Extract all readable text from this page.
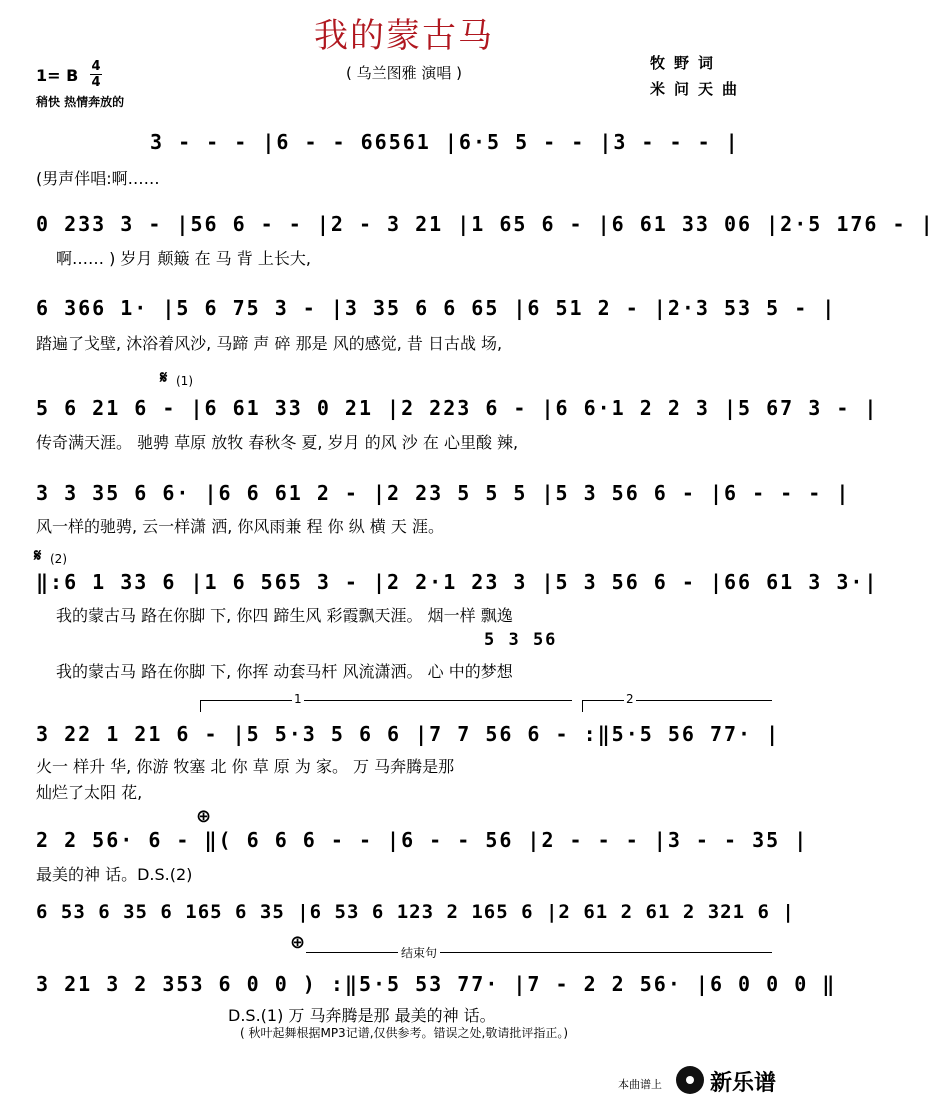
我的蒙古马
( 乌兰图雅 演唱 )
1= B 4
4
稍快 热情奔放的
牧野词
米问天曲
3 - - - |6 - - 66561 |6·5 5 - - |3 - - - |
(男声伴唱:啊……
0 233 3 - |56 6 - - |2 - 3 21 |1 65 6 - |6 61 33 06 |2·5 176 - |
啊…… ) 岁月 颠簸 在 马 背 上长大,
6 366 1· |5 6 75 3 - |3 35 6 6 65 |6 51 2 - |2·3 53 5 - |
踏遍了戈壁, 沐浴着风沙, 马蹄 声 碎 那是 风的感觉, 昔 日古战 场,
𝄋 (1)
5 6 21 6 - |6 61 33 0 21 |2 223 6 - |6 6·1 2 2 3 |5 67 3 - |
传奇满天涯。 驰骋 草原 放牧 春秋冬 夏, 岁月 的风 沙 在 心里酸 辣,
3 3 35 6 6· |6 6 61 2 - |2 23 5 5 5 |5 3 56 6 - |6 - - - |
风一样的驰骋, 云一样潇 洒, 你风雨兼 程 你 纵 横 天 涯。
𝄋 (2)
‖:6 1 33 6 |1 6 565 3 - |2 2·1 23 3 |5 3 56 6 - |66 61 3 3·|
我的蒙古马 路在你脚 下, 你四 蹄生风 彩霞飘天涯。 烟一样 飘逸
5 3 56
我的蒙古马 路在你脚 下, 你挥 动套马杆 风流潇洒。 心 中的梦想
1	2
3 22 1 21 6 - |5 5·3 5 6 6 |7 7 56 6 - :‖5·5 56 77· |
火一 样升 华, 你游 牧塞 北 你 草 原 为 家。 万 马奔腾是那
灿烂了太阳 花,
⊕
2 2 56· 6 - ‖( 6 6 6 - - |6 - - 56 |2 - - - |3 - - 35 |
最美的神 话。D.S.(2)
6 53 6 35 6 165 6 35 |6 53 6 123 2 165 6 |2 61 2 61 2 321 6 |
⊕	结束句
3 21 3 2 353 6 0 0 ) :‖5·5 53 77· |7 - 2 2 56· |6 0 0 0 ‖
D.S.(1) 万 马奔腾是那 最美的神 话。
( 秋叶起舞根据MP3记谱,仅供参考。错误之处,敬请批评指正。)
本曲谱上 新乐谱
